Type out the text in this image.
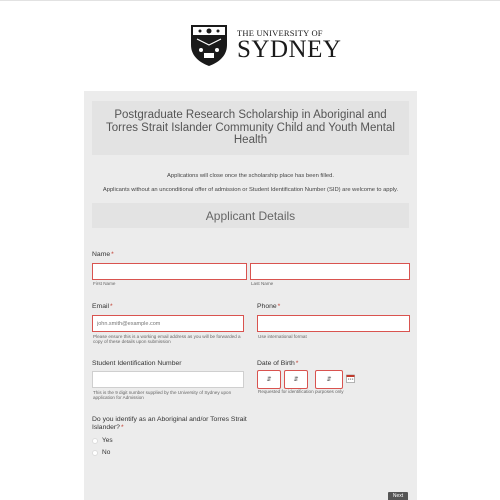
THE UNIVERSITY OF
SYDNEY
Postgraduate Research Scholarship in Aboriginal and Torres Strait Islander Community Child and Youth Mental Health
Applications will close once the scholarship place has been filled.
Applicants without an unconditional offer of admission or Student Identification Number (SID) are welcome to apply.
Applicant Details
Name*
First Name	Last Name
Email*
john.smith@example.com
Please ensure this is a working email address as you will be forwarded a copy of these details upon submission
Phone*
Use international format
Student Identification Number
This is the 9 digit number supplied by the University of Sydney upon application for Admission
Date of Birth*
⇵	⇵	⇵
Requested for identification purposes only
Do you identify as an Aboriginal and/or Torres Strait Islander?*
Yes
No
Next
